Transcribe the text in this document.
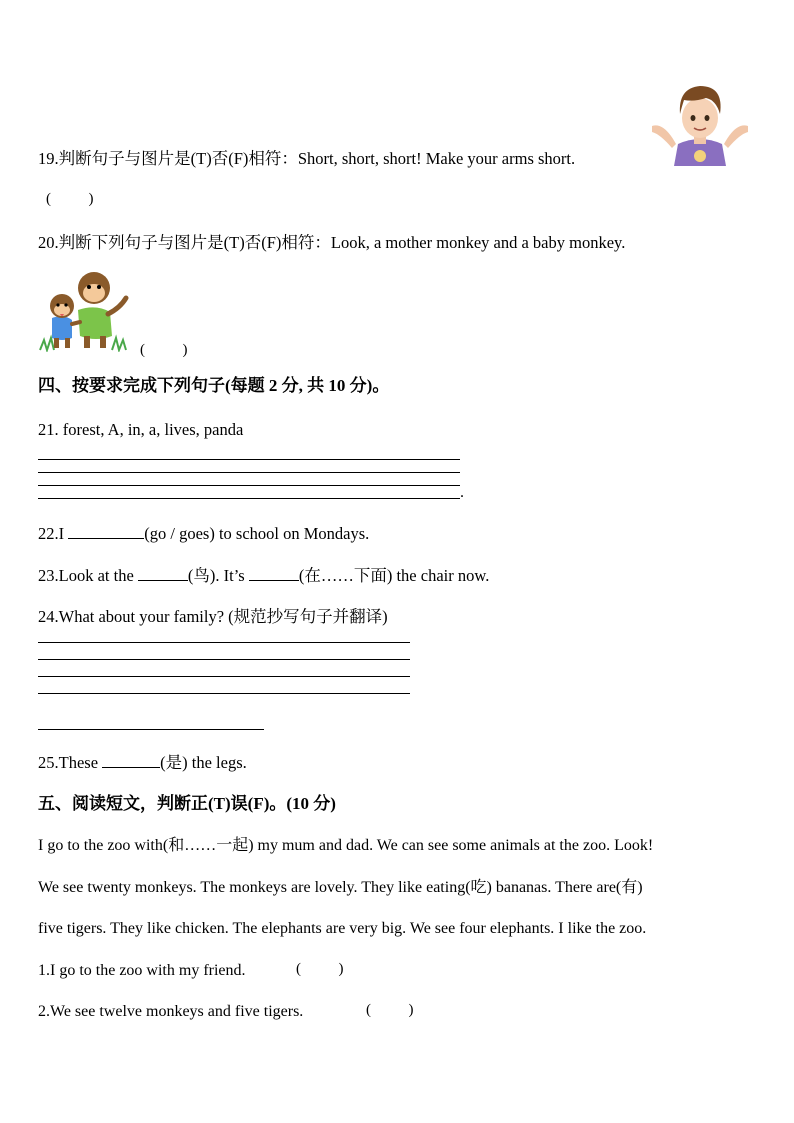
19.判断句子与图片是(T)否(F)相符：Short, short, short! Make your arms short.
(          )
20.判断下列句子与图片是(T)否(F)相符：Look, a mother monkey and a baby monkey.
(          )
四、按要求完成下列句子(每题 2 分, 共 10 分)。
21. forest, A, in, a, lives, panda
.
22.I	(go / goes) to school on Mondays.
23.Look at the	(鸟). It’s	(在……下面) the chair now.
24.What about your family? (规范抄写句子并翻译)
25.These	(是) the legs.
五、阅读短文，判断正(T)误(F)。(10 分)
I go to the zoo with(和……一起) my mum and dad. We can see some animals at the zoo. Look!
We see twenty monkeys. The monkeys are lovely. They like eating(吃) bananas. There are(有)
five tigers. They like chicken. The elephants are very big. We see four elephants. I like the zoo.
1.I go to the zoo with my friend.	(          )
2.We see twelve monkeys and five tigers.	(          )
